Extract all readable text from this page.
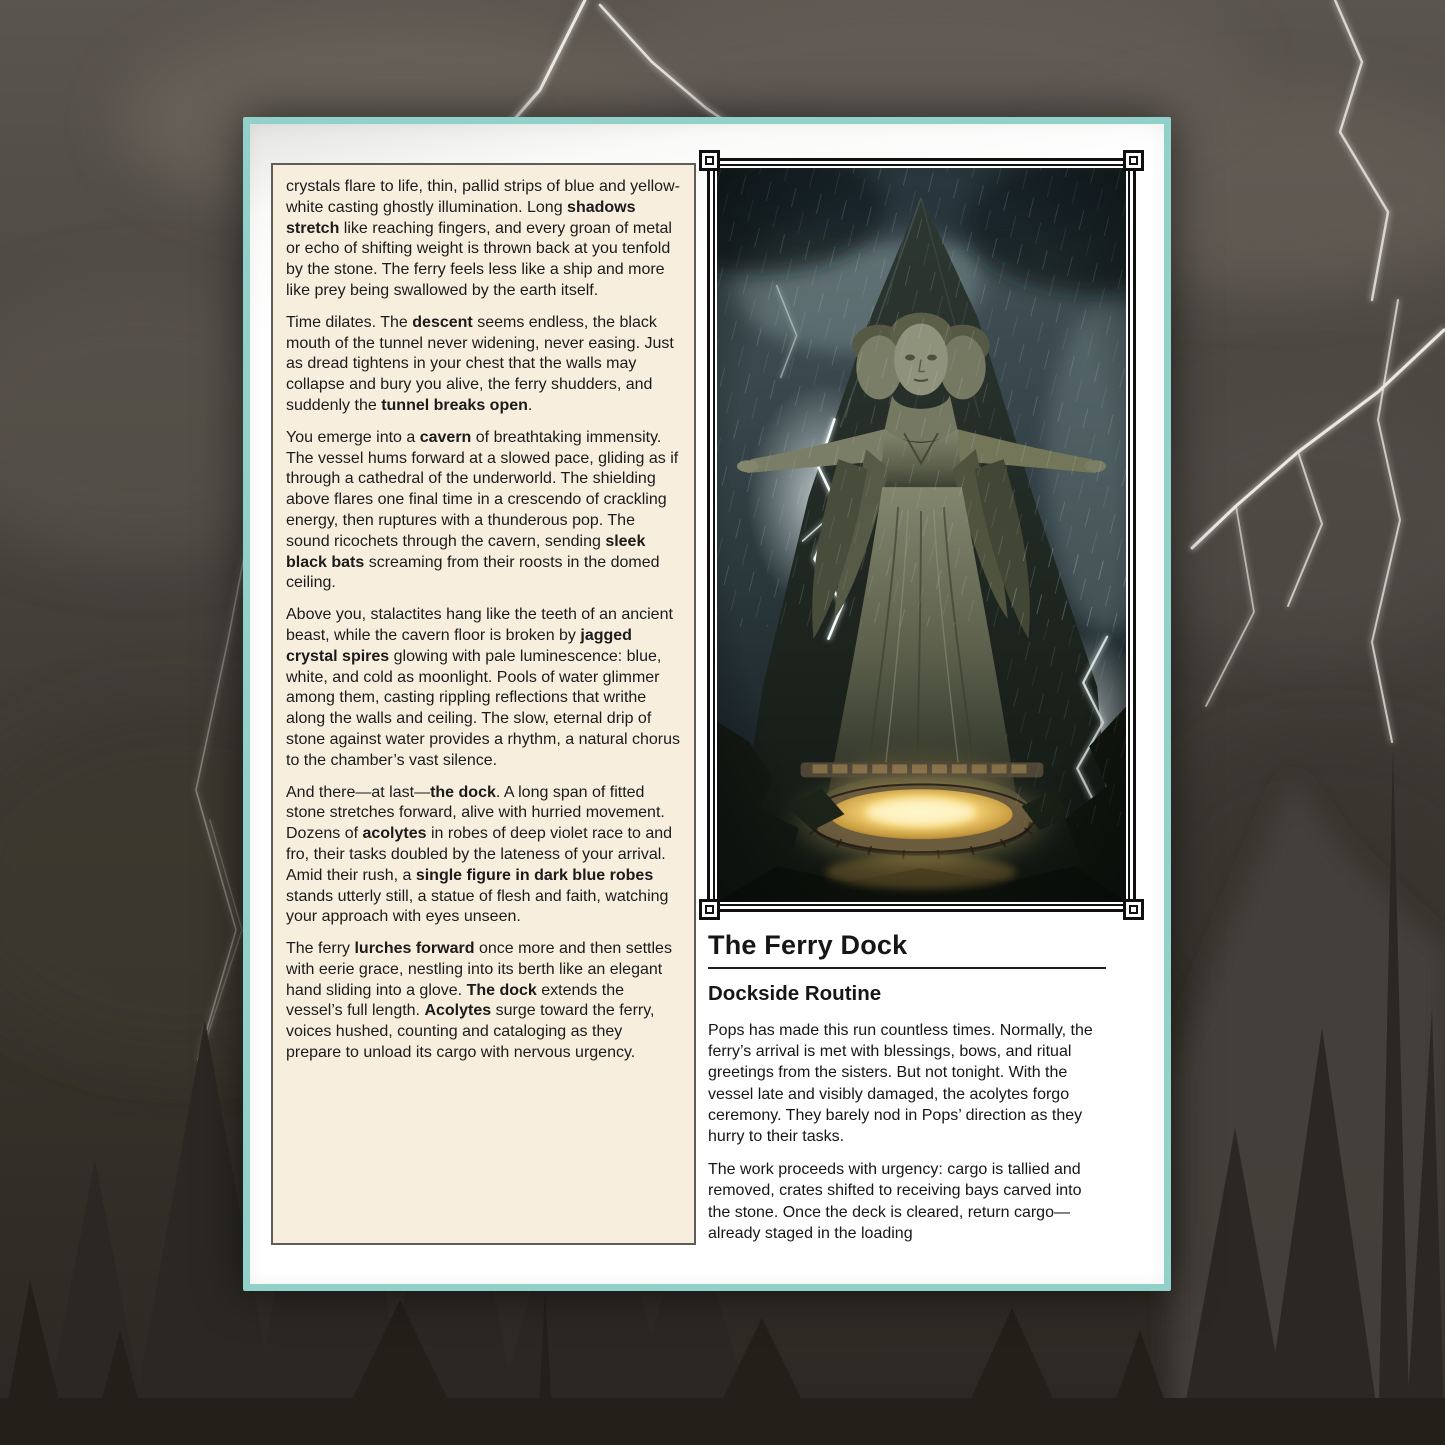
crystals flare to life, thin, pallid strips of blue and yellow-white casting ghostly illumination. Long shadows stretch like reaching fingers, and every groan of metal or echo of shifting weight is thrown back at you tenfold by the stone. The ferry feels less like a ship and more like prey being swallowed by the earth itself.

Time dilates. The descent seems endless, the black mouth of the tunnel never widening, never easing. Just as dread tightens in your chest that the walls may collapse and bury you alive, the ferry shudders, and suddenly the tunnel breaks open.

You emerge into a cavern of breathtaking immensity. The vessel hums forward at a slowed pace, gliding as if through a cathedral of the underworld. The shielding above flares one final time in a crescendo of crackling energy, then ruptures with a thunderous pop. The sound ricochets through the cavern, sending sleek black bats screaming from their roosts in the domed ceiling.

Above you, stalactites hang like the teeth of an ancient beast, while the cavern floor is broken by jagged crystal spires glowing with pale luminescence: blue, white, and cold as moonlight. Pools of water glimmer among them, casting rippling reflections that writhe along the walls and ceiling. The slow, eternal drip of stone against water provides a rhythm, a natural chorus to the chamber’s vast silence.

And there—at last—the dock. A long span of fitted stone stretches forward, alive with hurried movement. Dozens of acolytes in robes of deep violet race to and fro, their tasks doubled by the lateness of your arrival. Amid their rush, a single figure in dark blue robes stands utterly still, a statue of flesh and faith, watching your approach with eyes unseen.

The ferry lurches forward once more and then settles with eerie grace, nestling into its berth like an elegant hand sliding into a glove. The dock extends the vessel’s full length. Acolytes surge toward the ferry, voices hushed, counting and cataloging as they prepare to unload its cargo with nervous urgency.

The Ferry Dock
Dockside Routine

Pops has made this run countless times. Normally, the ferry’s arrival is met with blessings, bows, and ritual greetings from the sisters. But not tonight. With the vessel late and visibly damaged, the acolytes forgo ceremony. They barely nod in Pops’ direction as they hurry to their tasks.

The work proceeds with urgency: cargo is tallied and removed, crates shifted to receiving bays carved into the stone. Once the deck is cleared, return cargo—already staged in the loading
